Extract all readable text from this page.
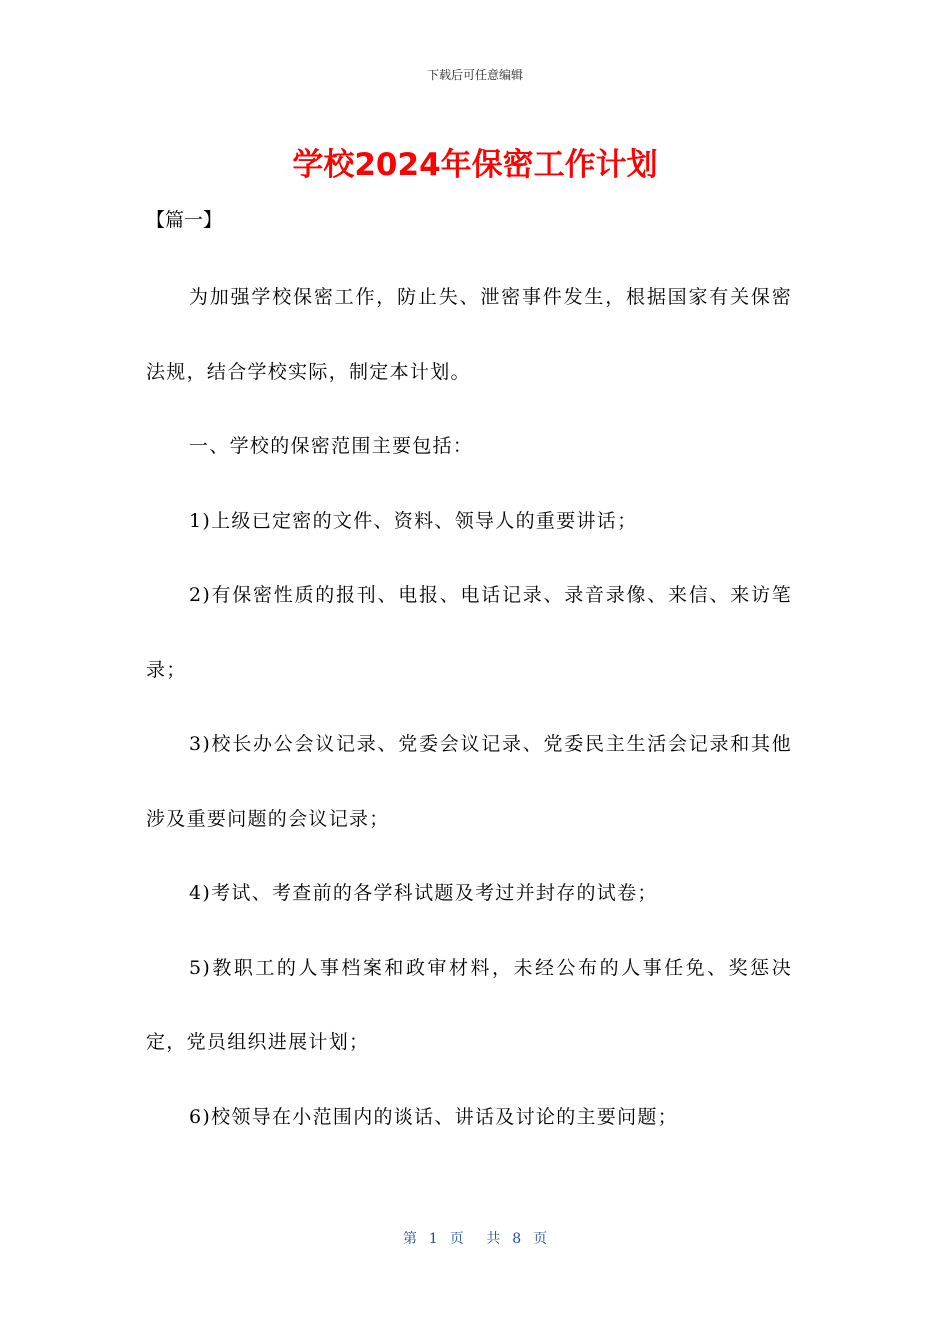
下载后可任意编辑
学校2024年保密工作计划
【篇一】

为加强学校保密工作，防止失、泄密事件发生，根据国家有关保密法规，结合学校实际，制定本计划。

一、学校的保密范围主要包括：

1)上级已定密的文件、资料、领导人的重要讲话；

2)有保密性质的报刊、电报、电话记录、录音录像、来信、来访笔录；

3)校长办公会议记录、党委会议记录、党委民主生活会记录和其他涉及重要问题的会议记录；

4)考试、考查前的各学科试题及考过并封存的试卷；

5)教职工的人事档案和政审材料，未经公布的人事任免、奖惩决定，党员组织进展计划；

6)校领导在小范围内的谈话、讲话及讨论的主要问题；

第 1 页 共 8 页
